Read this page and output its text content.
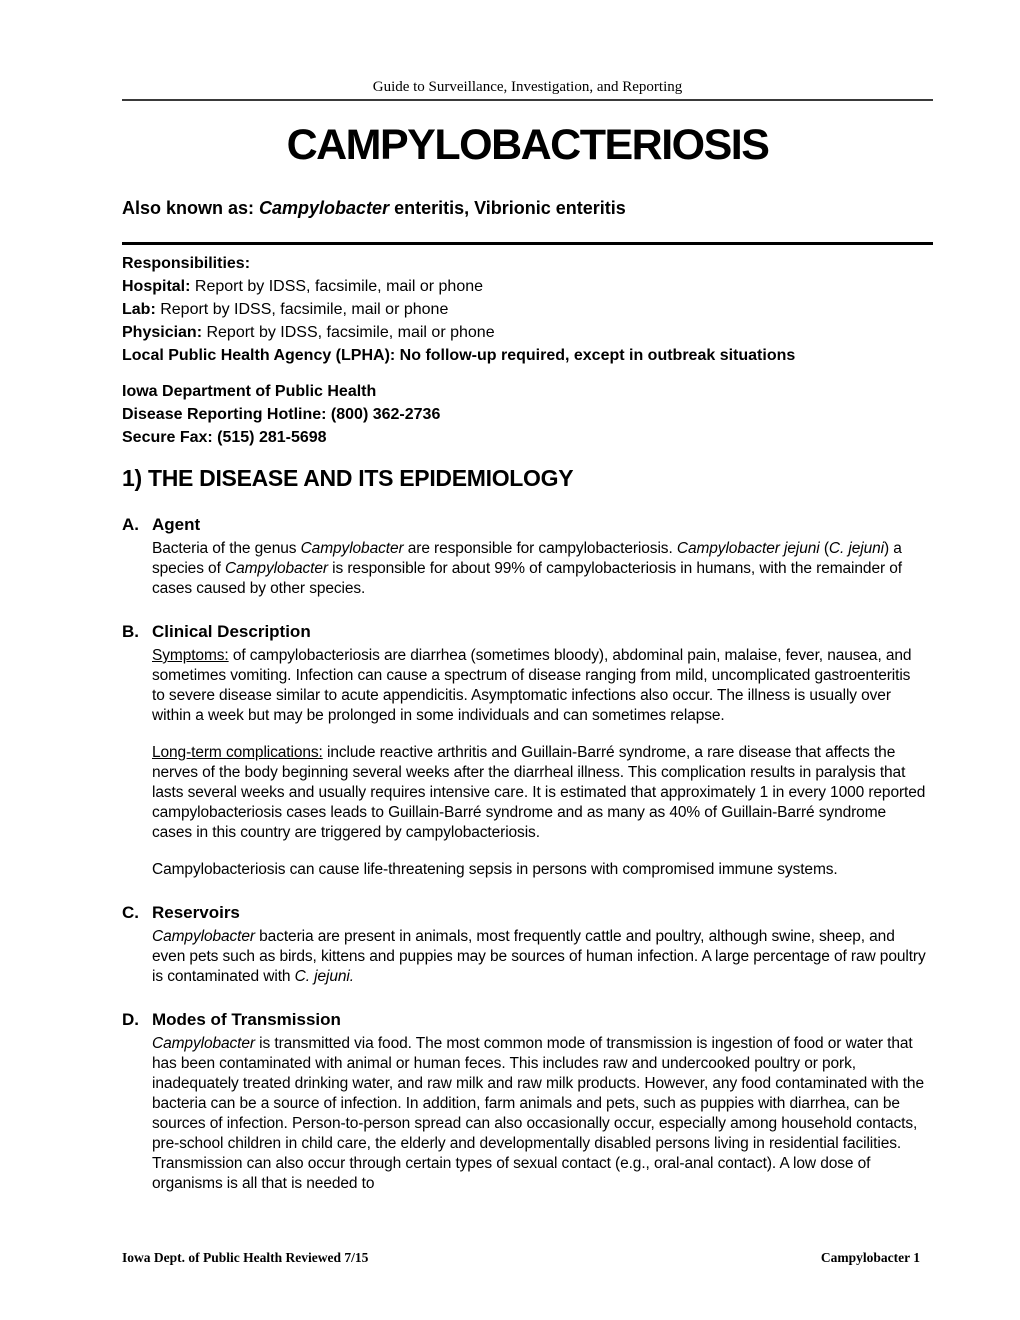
Guide to Surveillance, Investigation, and Reporting
CAMPYLOBACTERIOSIS
Also known as: Campylobacter enteritis, Vibrionic enteritis
Responsibilities:
Hospital: Report by IDSS, facsimile, mail or phone
Lab: Report by IDSS, facsimile, mail or phone
Physician: Report by IDSS, facsimile, mail or phone
Local Public Health Agency (LPHA): No follow-up required, except in outbreak situations
Iowa Department of Public Health
Disease Reporting Hotline: (800) 362-2736
Secure Fax: (515) 281-5698
1) THE DISEASE AND ITS EPIDEMIOLOGY
A. Agent

Bacteria of the genus Campylobacter are responsible for campylobacteriosis. Campylobacter jejuni (C. jejuni) a species of Campylobacter is responsible for about 99% of campylobacteriosis in humans, with the remainder of cases caused by other species.

B. Clinical Description

Symptoms: of campylobacteriosis are diarrhea (sometimes bloody), abdominal pain, malaise, fever, nausea, and sometimes vomiting. Infection can cause a spectrum of disease ranging from mild, uncomplicated gastroenteritis to severe disease similar to acute appendicitis. Asymptomatic infections also occur. The illness is usually over within a week but may be prolonged in some individuals and can sometimes relapse.

Long-term complications: include reactive arthritis and Guillain-Barré syndrome, a rare disease that affects the nerves of the body beginning several weeks after the diarrheal illness. This complication results in paralysis that lasts several weeks and usually requires intensive care. It is estimated that approximately 1 in every 1000 reported campylobacteriosis cases leads to Guillain-Barré syndrome and as many as 40% of Guillain-Barré syndrome cases in this country are triggered by campylobacteriosis.

Campylobacteriosis can cause life-threatening sepsis in persons with compromised immune systems.

C. Reservoirs

Campylobacter bacteria are present in animals, most frequently cattle and poultry, although swine, sheep, and even pets such as birds, kittens and puppies may be sources of human infection. A large percentage of raw poultry is contaminated with C. jejuni.

D. Modes of Transmission

Campylobacter is transmitted via food. The most common mode of transmission is ingestion of food or water that has been contaminated with animal or human feces. This includes raw and undercooked poultry or pork, inadequately treated drinking water, and raw milk and raw milk products. However, any food contaminated with the bacteria can be a source of infection. In addition, farm animals and pets, such as puppies with diarrhea, can be sources of infection. Person-to-person spread can also occasionally occur, especially among household contacts, pre-school children in child care, the elderly and developmentally disabled persons living in residential facilities. Transmission can also occur through certain types of sexual contact (e.g., oral-anal contact). A low dose of organisms is all that is needed to

Iowa Dept. of Public Health Reviewed 7/15	Campylobacter 1
